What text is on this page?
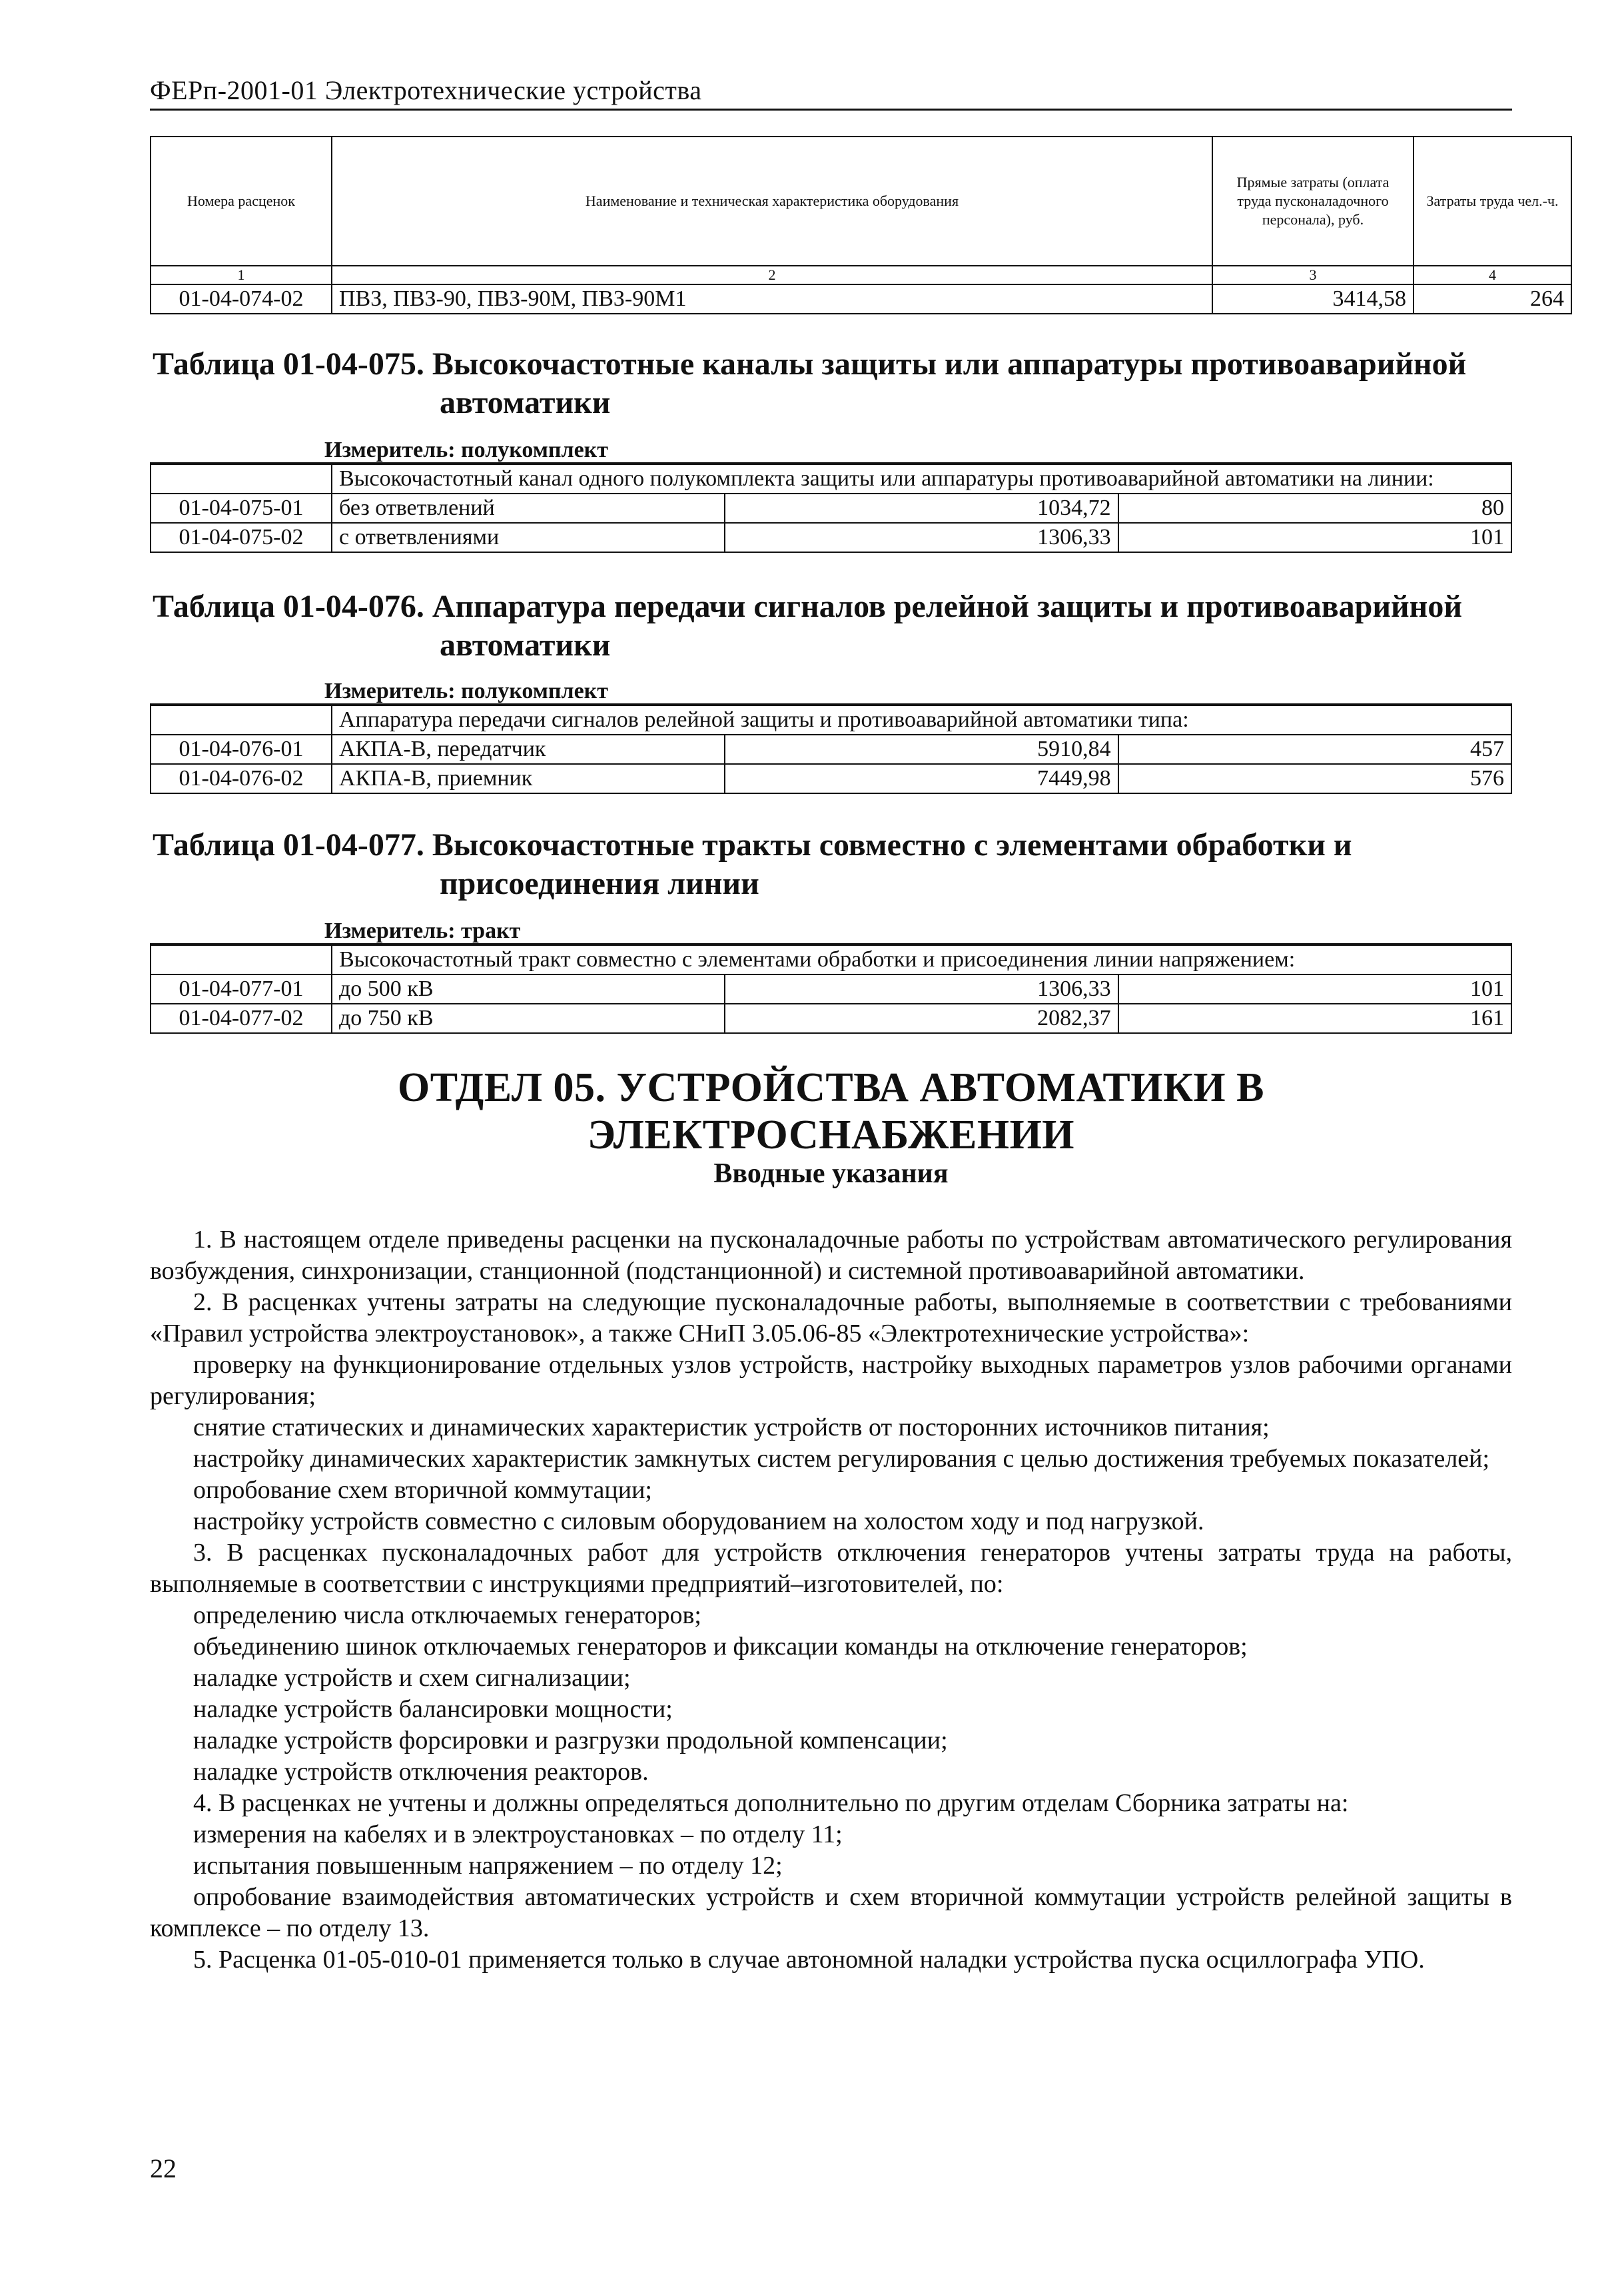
ФЕРп-2001-01 Электротехнические устройства
Номера расценок	Наименование и техническая характеристика оборудования	Прямые затраты (оплата труда пусконаладочного персонала), руб.	Затраты труда чел.-ч.
1	2	3	4
01-04-074-02	ПВЗ, ПВЗ-90, ПВЗ-90М, ПВЗ-90М1	3414,58	264
Таблица 01-04-075. Высокочастотные каналы защиты или аппаратуры противоаварийной
автоматики
Измеритель: полукомплект
	Высокочастотный канал одного полукомплекта защиты или аппаратуры противоаварийной автоматики на линии:		
01-04-075-01	без ответвлений	1034,72	80
01-04-075-02	с ответвлениями	1306,33	101
Таблица 01-04-076. Аппаратура передачи сигналов релейной защиты и противоаварийной
автоматики
Измеритель: полукомплект
	Аппаратура передачи сигналов релейной защиты и противоаварийной автоматики типа:		
01-04-076-01	АКПА-В, передатчик	5910,84	457
01-04-076-02	АКПА-В, приемник	7449,98	576
Таблица 01-04-077. Высокочастотные тракты совместно с элементами обработки и
присоединения линии
Измеритель: тракт
	Высокочастотный тракт совместно с элементами обработки и присоединения линии напряжением:		
01-04-077-01	до 500 кВ	1306,33	101
01-04-077-02	до 750 кВ	2082,37	161
ОТДЕЛ 05. УСТРОЙСТВА АВТОМАТИКИ В ЭЛЕКТРОСНАБЖЕНИИ
Вводные указания

1. В настоящем отделе приведены расценки на пусконаладочные работы по устройствам автоматического регулирования возбуждения, синхронизации, станционной (подстанционной) и системной противоаварийной автоматики.

2. В расценках учтены затраты на следующие пусконаладочные работы, выполняемые в соответствии с требованиями «Правил устройства электроустановок», а также СНиП 3.05.06-85 «Электротехнические устройства»:

проверку на функционирование отдельных узлов устройств, настройку выходных параметров узлов рабочими органами регулирования;

снятие статических и динамических характеристик устройств от посторонних источников питания;

настройку динамических характеристик замкнутых систем регулирования с целью достижения требуемых показателей;

опробование схем вторичной коммутации;

настройку устройств совместно с силовым оборудованием на холостом ходу и под нагрузкой.

3. В расценках пусконаладочных работ для устройств отключения генераторов учтены затраты труда на работы, выполняемые в соответствии с инструкциями предприятий–изготовителей, по:

определению числа отключаемых генераторов;

объединению шинок отключаемых генераторов и фиксации команды на отключение генераторов;

наладке устройств и схем сигнализации;

наладке устройств балансировки мощности;

наладке устройств форсировки и разгрузки продольной компенсации;

наладке устройств отключения реакторов.

4. В расценках не учтены и должны определяться дополнительно по другим отделам Сборника затраты на:

измерения на кабелях и в электроустановках – по отделу 11;

испытания повышенным напряжением – по отделу 12;

опробование взаимодействия автоматических устройств и схем вторичной коммутации устройств релейной защиты в комплексе – по отделу 13.

5. Расценка 01-05-010-01 применяется только в случае автономной наладки устройства пуска осциллографа УПО.

22
